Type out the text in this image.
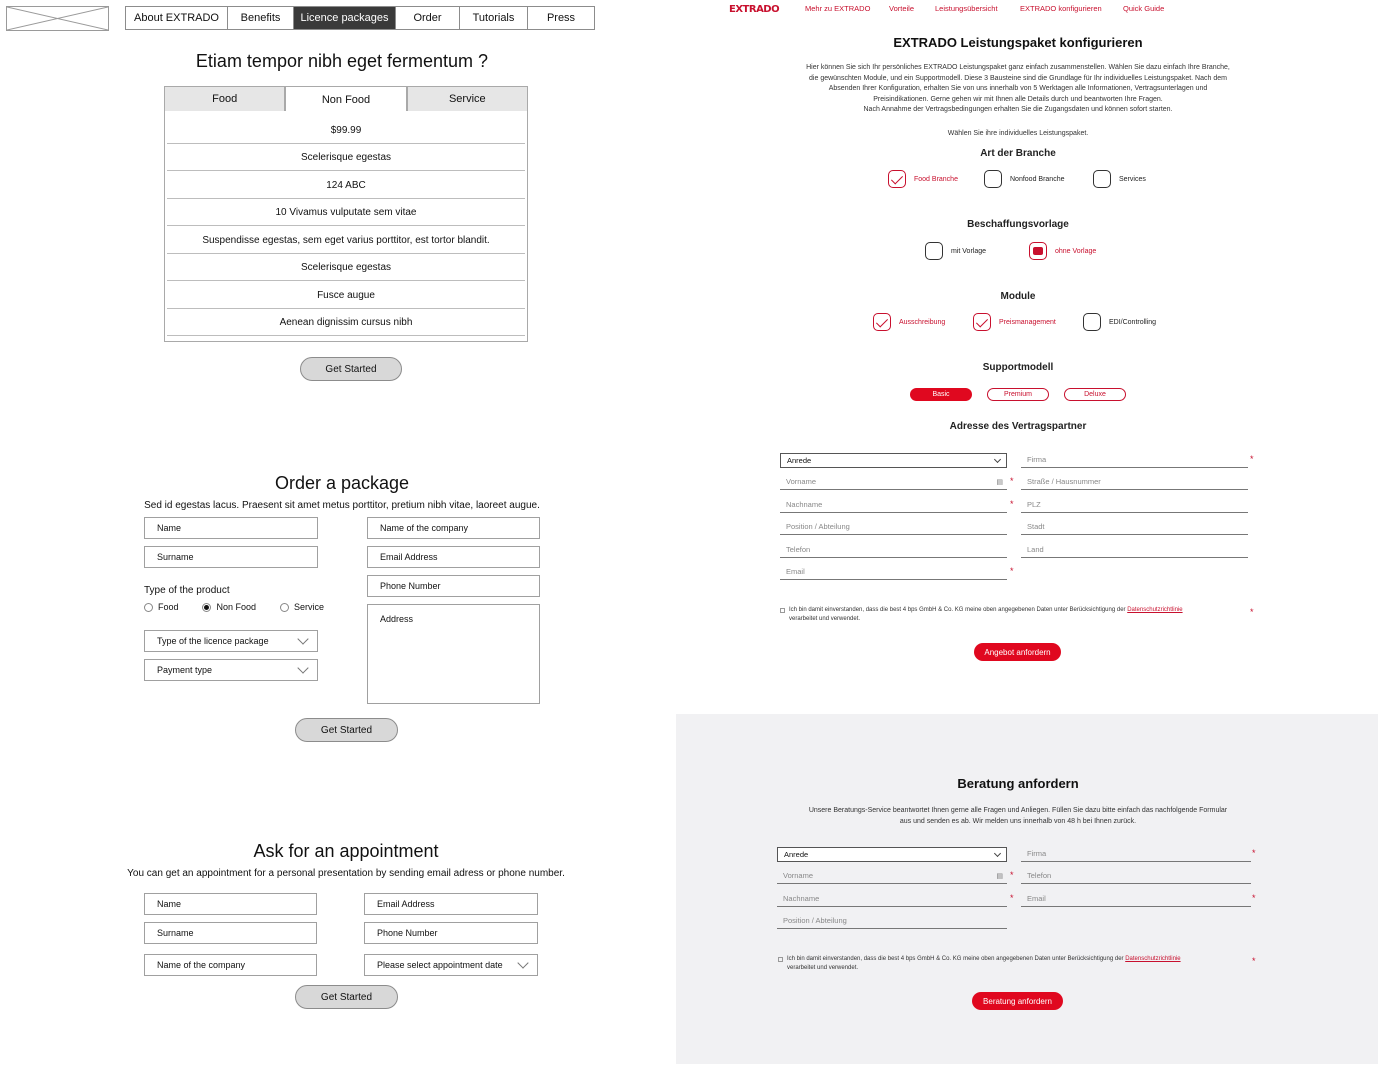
About EXTRADO	Benefits	Licence packages	Order	Tutorials	Press
Etiam tempor nibh eget fermentum ?
Food	Non Food	Service
$99.99
Scelerisque egestas
124 ABC
10 Vivamus vulputate sem vitae
Suspendisse egestas, sem eget varius porttitor, est tortor blandit.
Scelerisque egestas
Fusce augue
Aenean dignissim cursus nibh
Get Started
Order a package
Sed id egestas lacus. Praesent sit amet metus porttitor, pretium nibh vitae, laoreet augue.
Name
Surname
Type of the product
Food	Non Food	Service
Type of the licence package
Payment type
Name of the company
Email Address
Phone Number
Address
Get Started
Ask for an appointment
You can get an appointment for a personal presentation by sending email adress or phone number.
Name
Surname
Name of the company
Email Address
Phone Number
Please select appointment date
Get Started
EXTRADO	Mehr zu EXTRADO Vorteile	Leistungsübersicht	EXTRADO konfigurieren	Quick Guide
EXTRADO Leistungspaket konfigurieren
Hier können Sie sich Ihr persönliches EXTRADO Leistungspaket ganz einfach zusammenstellen. Wählen Sie dazu einfach Ihre Branche,
die gewünschten Module, und ein Supportmodell. Diese 3 Bausteine sind die Grundlage für Ihr individuelles Leistungspaket. Nach dem
Absenden Ihrer Konfiguration, erhalten Sie von uns innerhalb von 5 Werktagen alle Informationen, Vertragsunterlagen und
Preisindikationen. Gerne gehen wir mit Ihnen alle Details durch und beantworten Ihre Fragen.
Nach Annahme der Vertragsbedingungen erhalten Sie die Zugangsdaten und können sofort starten.
Wählen Sie ihre individuelles Leistungspaket.
Art der Branche
Food Branche	Nonfood Branche	Services
Beschaffungsvorlage
mit Vorlage	ohne Vorlage
Module
Ausschreibung	Preismanagement	EDI/Controlling
Supportmodell
Basic	Premium	Deluxe
Adresse des Vertragspartner
Anrede
Vorname	▤ *
Nachname	*
Position / Abteilung
Telefon
Email	*
Firma	*
Straße / Hausnummer
PLZ
Stadt
Land
Ich bin damit einverstanden, dass die best 4 bps GmbH & Co. KG meine oben angegebenen Daten unter Berücksichtigung der Datenschutzrichtlinie
verarbeitet und verwendet.
*
Angebot anfordern
Beratung anfordern
Unsere Beratungs-Service beantwortet Ihnen gerne alle Fragen und Anliegen. Füllen Sie dazu bitte einfach das nachfolgende Formular
aus und senden es ab. Wir melden uns innerhalb von 48 h bei Ihnen zurück.
Anrede
Vorname	▤ *
Nachname	*
Position / Abteilung
Firma	*
Telefon
Email	*
Ich bin damit einverstanden, dass die best 4 bps GmbH & Co. KG meine oben angegebenen Daten unter Berücksichtigung der Datenschutzrichtlinie
verarbeitet und verwendet.
*
Beratung anfordern
